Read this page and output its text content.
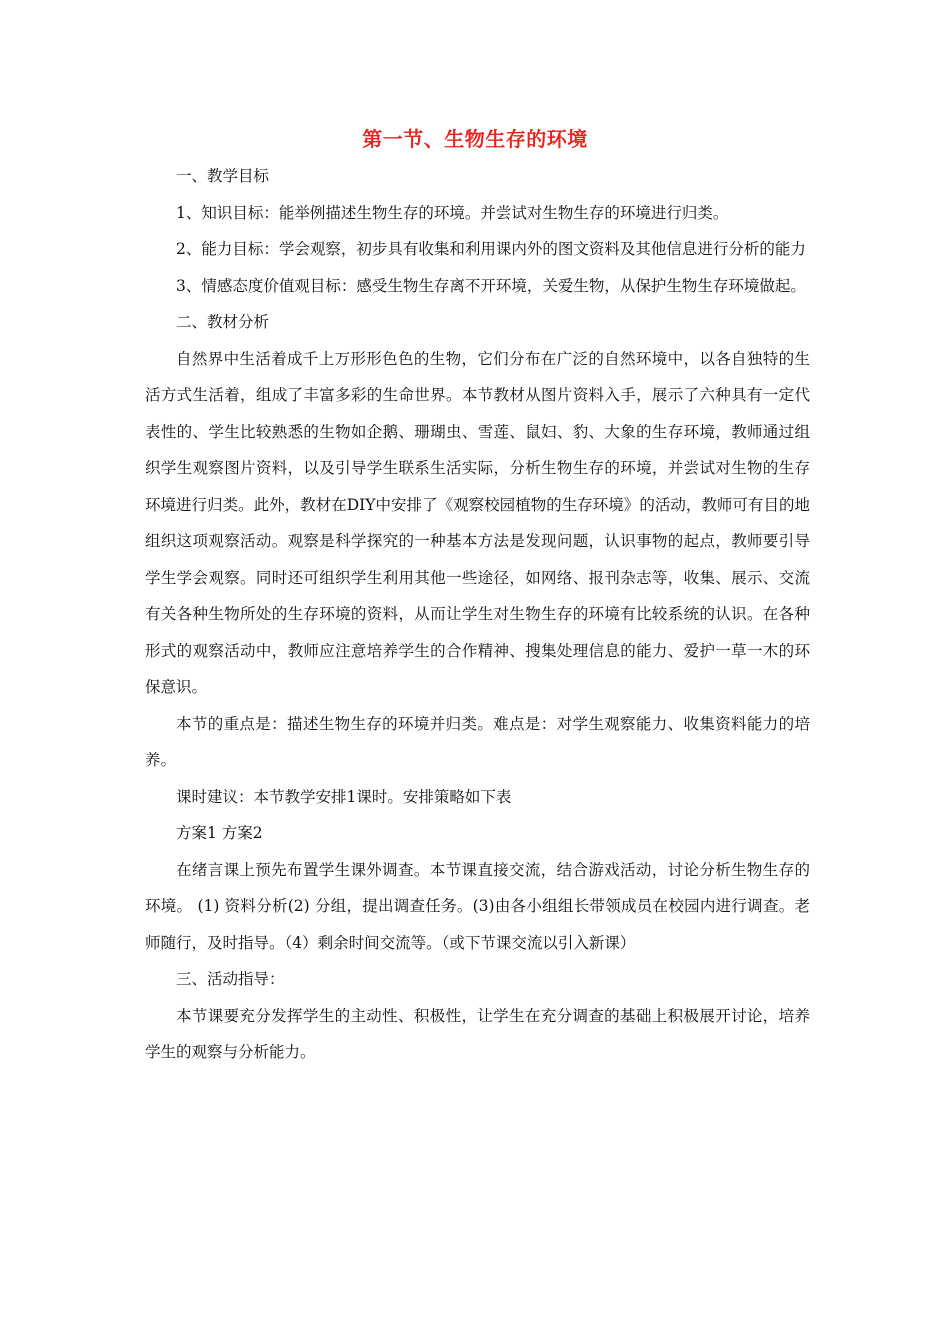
第一节、生物生存的环境

一、教学目标

1、知识目标：能举例描述生物生存的环境。并尝试对生物生存的环境进行归类。

2、能力目标：学会观察，初步具有收集和利用课内外的图文资料及其他信息进行分析的能力

3、情感态度价值观目标：感受生物生存离不开环境，关爱生物，从保护生物生存环境做起。

二、教材分析

自然界中生活着成千上万形形色色的生物，它们分布在广泛的自然环境中，以各自独特的生活方式生活着，组成了丰富多彩的生命世界。本节教材从图片资料入手，展示了六种具有一定代表性的、学生比较熟悉的生物如企鹅、珊瑚虫、雪莲、鼠妇、豹、大象的生存环境，教师通过组织学生观察图片资料，以及引导学生联系生活实际，分析生物生存的环境，并尝试对生物的生存环境进行归类。此外，教材在DIY中安排了《观察校园植物的生存环境》的活动，教师可有目的地组织这项观察活动。观察是科学探究的一种基本方法是发现问题，认识事物的起点，教师要引导学生学会观察。同时还可组织学生利用其他一些途径，如网络、报刊杂志等，收集、展示、交流有关各种生物所处的生存环境的资料，从而让学生对生物生存的环境有比较系统的认识。在各种形式的观察活动中，教师应注意培养学生的合作精神、搜集处理信息的能力、爱护一草一木的环保意识。

本节的重点是：描述生物生存的环境并归类。难点是：对学生观察能力、收集资料能力的培养。

课时建议：本节教学安排1课时。安排策略如下表

方案1 方案2

在绪言课上预先布置学生课外调查。本节课直接交流，结合游戏活动，讨论分析生物生存的环境。 (1) 资料分析(2) 分组，提出调查任务。(3)由各小组组长带领成员在校园内进行调查。老师随行，及时指导。（4）剩余时间交流等。（或下节课交流以引入新课）

三、活动指导：

本节课要充分发挥学生的主动性、积极性，让学生在充分调查的基础上积极展开讨论，培养学生的观察与分析能力。
